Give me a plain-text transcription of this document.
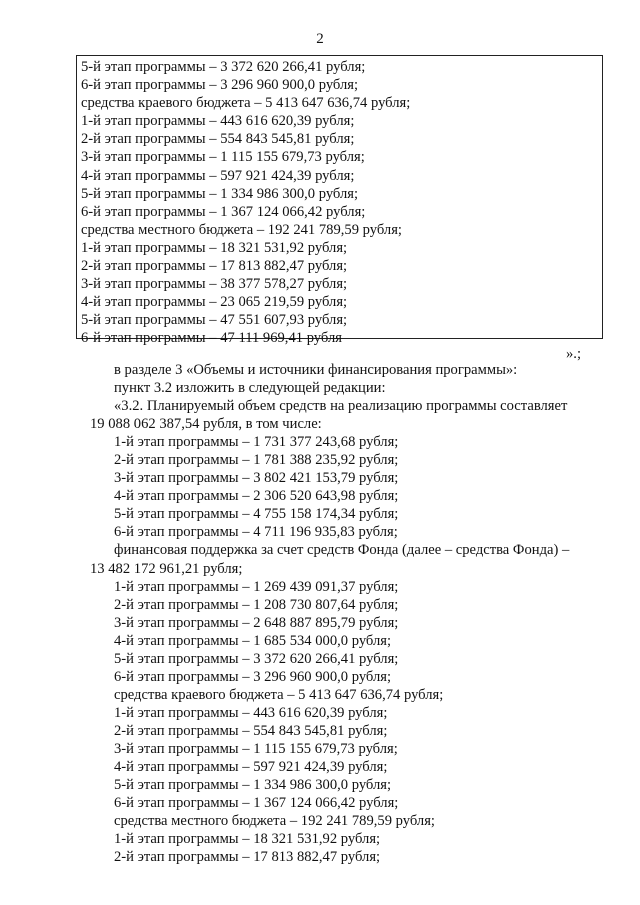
2
5-й этап программы – 3 372 620 266,41 рубля;
6-й этап программы – 3 296 960 900,0 рубля;
средства краевого бюджета – 5 413 647 636,74 рубля;
1-й этап программы – 443 616 620,39 рубля;
2-й этап программы – 554 843 545,81 рубля;
3-й этап программы – 1 115 155 679,73 рубля;
4-й этап программы – 597 921 424,39 рубля;
5-й этап программы – 1 334 986 300,0 рубля;
6-й этап программы – 1 367 124 066,42 рубля;
средства местного бюджета – 192 241 789,59 рубля;
1-й этап программы – 18 321 531,92 рубля;
2-й этап программы – 17 813 882,47 рубля;
3-й этап программы – 38 377 578,27 рубля;
4-й этап программы – 23 065 219,59 рубля;
5-й этап программы – 47 551 607,93 рубля;
6-й этап программы – 47 111 969,41 рубля
».;
в разделе 3 «Объемы и источники финансирования программы»:
пункт 3.2 изложить в следующей редакции:
«3.2. Планируемый объем средств на реализацию программы составляет
19 088 062 387,54 рубля, в том числе:
1-й этап программы – 1 731 377 243,68 рубля;
2-й этап программы – 1 781 388 235,92 рубля;
3-й этап программы – 3 802 421 153,79 рубля;
4-й этап программы – 2 306 520 643,98 рубля;
5-й этап программы – 4 755 158 174,34 рубля;
6-й этап программы – 4 711 196 935,83 рубля;
финансовая поддержка за счет средств Фонда (далее – средства Фонда) –
13 482 172 961,21 рубля;
1-й этап программы – 1 269 439 091,37 рубля;
2-й этап программы – 1 208 730 807,64 рубля;
3-й этап программы – 2 648 887 895,79 рубля;
4-й этап программы – 1 685 534 000,0 рубля;
5-й этап программы – 3 372 620 266,41 рубля;
6-й этап программы – 3 296 960 900,0 рубля;
средства краевого бюджета – 5 413 647 636,74 рубля;
1-й этап программы – 443 616 620,39 рубля;
2-й этап программы – 554 843 545,81 рубля;
3-й этап программы – 1 115 155 679,73 рубля;
4-й этап программы – 597 921 424,39 рубля;
5-й этап программы – 1 334 986 300,0 рубля;
6-й этап программы – 1 367 124 066,42 рубля;
средства местного бюджета – 192 241 789,59 рубля;
1-й этап программы – 18 321 531,92 рубля;
2-й этап программы – 17 813 882,47 рубля;
